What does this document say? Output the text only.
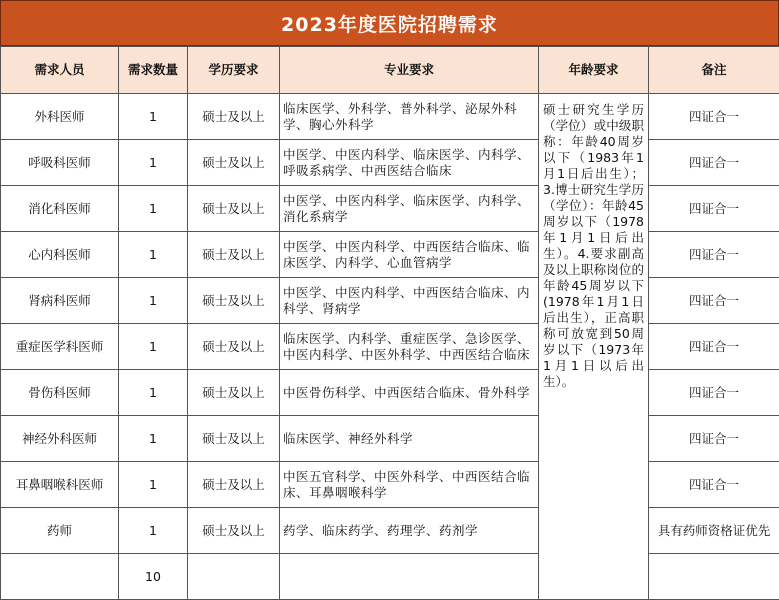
2023年度医院招聘需求
需求人员	需求数量	学历要求	专业要求	年龄要求	备注
外科医师	1	硕士及以上	临床医学、外科学、普外科学、泌尿外科学、胸心外科学	硕士研究生学历（学位）或中级职称：年龄40周岁以下（1983年1月1日后出生）；3.博士研究生学历（学位）：年龄45周岁以下（1978年1月1日后出生）。4.要求副高及以上职称岗位的年龄45周岁以下(1978年1月1日后出生），正高职称可放宽到50周岁以下（1973年1月1日以后出生）。	四证合一
呼吸科医师	1	硕士及以上	中医学、中医内科学、临床医学、内科学、呼吸系病学、中西医结合临床		四证合一
消化科医师	1	硕士及以上	中医学、中医内科学、临床医学、内科学、消化系病学		四证合一
心内科医师	1	硕士及以上	中医学、中医内科学、中西医结合临床、临床医学、内科学、心血管病学		四证合一
肾病科医师	1	硕士及以上	中医学、中医内科学、中西医结合临床、内科学、肾病学		四证合一
重症医学科医师	1	硕士及以上	临床医学、内科学、重症医学、急诊医学、中医内科学、中医外科学、中西医结合临床		四证合一
骨伤科医师	1	硕士及以上	中医骨伤科学、中西医结合临床、骨外科学		四证合一
神经外科医师	1	硕士及以上	临床医学、神经外科学		四证合一
耳鼻咽喉科医师	1	硕士及以上	中医五官科学、中医外科学、中西医结合临床、耳鼻咽喉科学		四证合一
药师	1	硕士及以上	药学、临床药学、药理学、药剂学		具有药师资格证优先
	10				
